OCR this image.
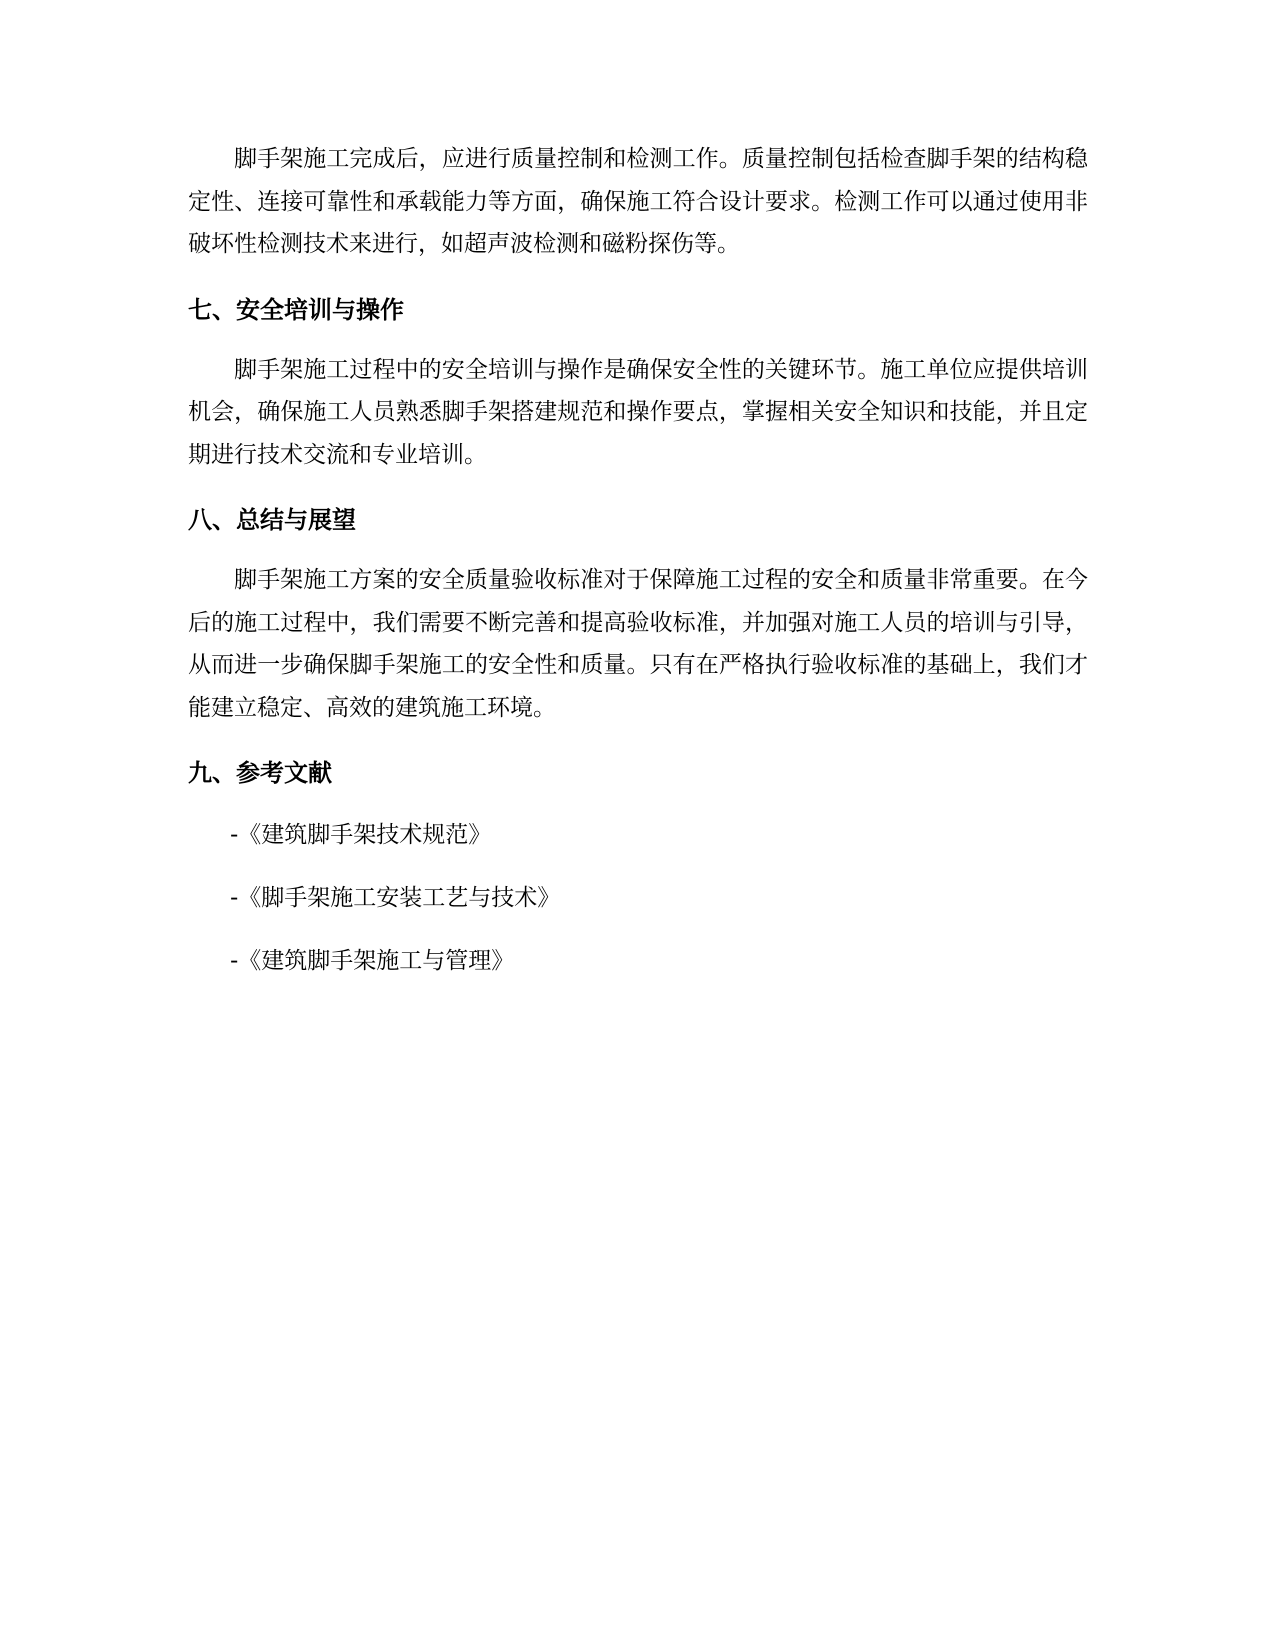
脚手架施工完成后，应进行质量控制和检测工作。质量控制包括检查脚手架的结构稳定性、连接可靠性和承载能力等方面，确保施工符合设计要求。检测工作可以通过使用非破坏性检测技术来进行，如超声波检测和磁粉探伤等。

七、安全培训与操作

脚手架施工过程中的安全培训与操作是确保安全性的关键环节。施工单位应提供培训机会，确保施工人员熟悉脚手架搭建规范和操作要点，掌握相关安全知识和技能，并且定期进行技术交流和专业培训。

八、总结与展望

脚手架施工方案的安全质量验收标准对于保障施工过程的安全和质量非常重要。在今后的施工过程中，我们需要不断完善和提高验收标准，并加强对施工人员的培训与引导，从而进一步确保脚手架施工的安全性和质量。只有在严格执行验收标准的基础上，我们才能建立稳定、高效的建筑施工环境。

九、参考文献

-《建筑脚手架技术规范》

-《脚手架施工安装工艺与技术》

-《建筑脚手架施工与管理》
